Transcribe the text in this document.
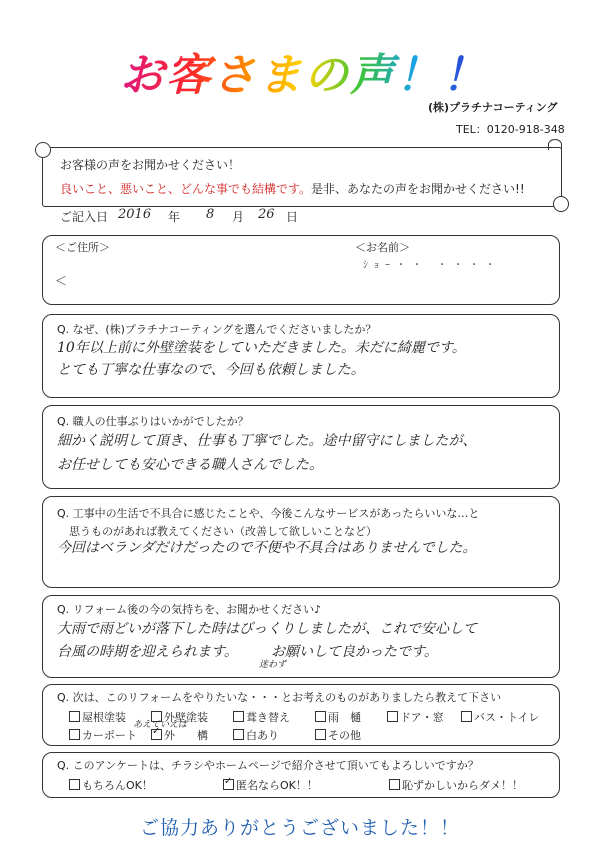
お客さまの声！！
(株)プラチナコーティング
TEL：0120-918-348
お客様の声をお聞かせください！
良いこと、悪いこと、どんな事でも結構です。是非、あなたの声をお聞かせください!!
ご記入日 2016 年 8 月 26 日
＜ご住所＞
＜
＜お名前＞
ｼｮｰ・・ ・・・・
Q. なぜ、(株)プラチナコーティングを選んでくださいましたか？
10年以上前に外壁塗装をしていただきました。未だに綺麗です。
とても丁寧な仕事なので、今回も依頼しました。
Q. 職人の仕事ぶりはいかがでしたか？
細かく説明して頂き、仕事も丁寧でした。途中留守にしましたが、
お任せしても安心できる職人さんでした。
Q. 工事中の生活で不具合に感じたことや、今後こんなサービスがあったらいいな…と
思うものがあれば教えてください（改善して欲しいことなど）
今回はベランダだけだったので不便や不具合はありませんでした。
Q. リフォーム後の今の気持ちを、お聞かせください♪
大雨で雨どいが落下した時はびっくりしましたが、これで安心して
台風の時期を迎えられます。 お願いして良かったです。
迷わず
Q. 次は、このリフォームをやりたいな・・・とお考えのものがありましたら教えて下さい
屋根塗装	外壁塗装	葺き替え	雨　樋	ドア・窓	バス・トイレ
カーポート ✓	外　　構	白あり	その他
あえていえば
Q. このアンケートは、チラシやホームページで紹介させて頂いてもよろしいですか？
もちろんOK！ ✓	匿名ならOK！！	恥ずかしいからダメ！！
ご協力ありがとうございました！！
